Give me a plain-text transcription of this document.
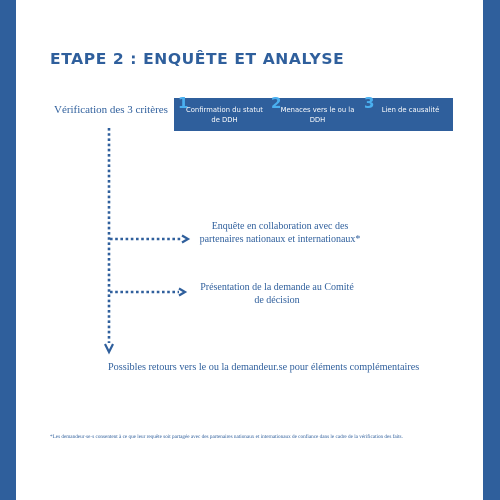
ETAPE 2 : ENQUÊTE ET ANALYSE
Vérification des 3 critères 1
Confirmation du statut de DDH
2 Menaces vers le ou la DDH
3	Lien de causalité
Enquête en collaboration avec des partenaires nationaux et internationaux*
Présentation de la demande au Comité de décision
Possibles retours vers le ou la demandeur.se pour éléments complémentaires
*Les demandeur·se·s consentent à ce que leur requête soit partagée avec des partenaires nationaux et internationaux de confiance dans le cadre de la vérification des faits.
